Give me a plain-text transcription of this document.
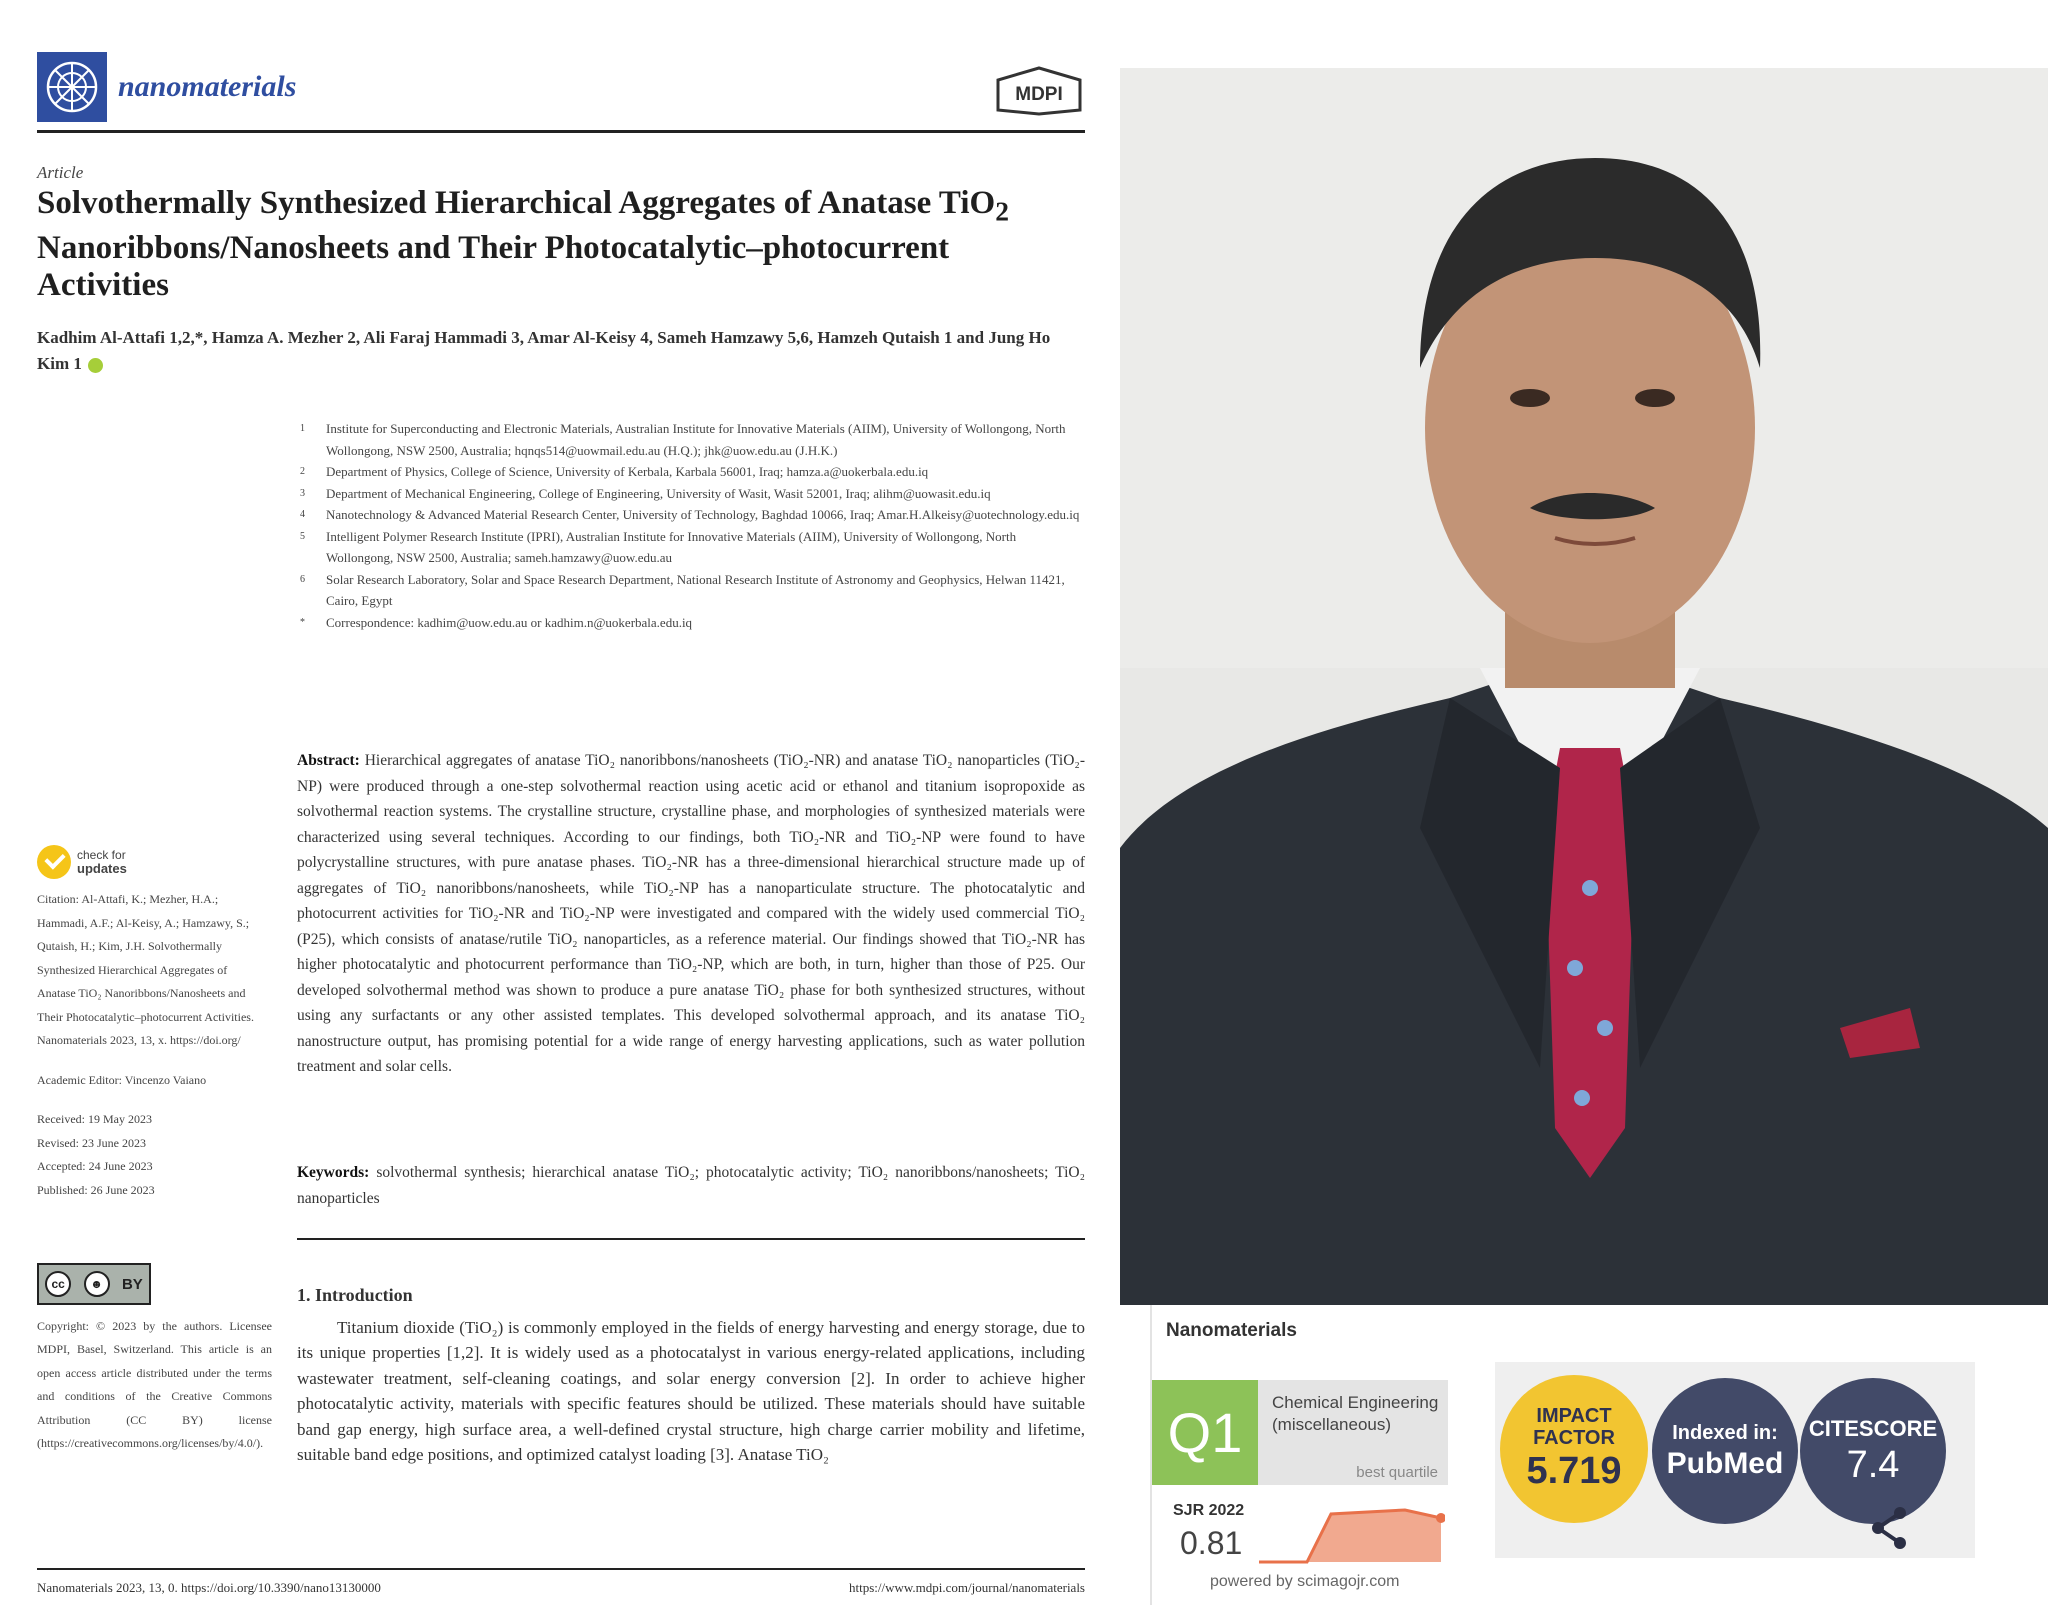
nanomaterials	MDPI
Article
Solvothermally Synthesized Hierarchical Aggregates of Anatase TiO$_2$ Nanoribbons/Nanosheets and Their Photocatalytic–photocurrent Activities
Kadhim Al-Attafi 1,2,*, Hamza A. Mezher 2, Ali Faraj Hammadi 3, Amar Al-Keisy 4, Sameh Hamzawy 5,6, Hamzeh Qutaish 1 and Jung Ho Kim 1
1	Institute for Superconducting and Electronic Materials, Australian Institute for Innovative Materials (AIIM), University of Wollongong, North Wollongong, NSW 2500, Australia; hqnqs514@uowmail.edu.au (H.Q.); jhk@uow.edu.au (J.H.K.)
2	Department of Physics, College of Science, University of Kerbala, Karbala 56001, Iraq; hamza.a@uokerbala.edu.iq
3	Department of Mechanical Engineering, College of Engineering, University of Wasit, Wasit 52001, Iraq; alihm@uowasit.edu.iq
4	Nanotechnology & Advanced Material Research Center, University of Technology, Baghdad 10066, Iraq; Amar.H.Alkeisy@uotechnology.edu.iq
5	Intelligent Polymer Research Institute (IPRI), Australian Institute for Innovative Materials (AIIM), University of Wollongong, North Wollongong, NSW 2500, Australia; sameh.hamzawy@uow.edu.au
6	Solar Research Laboratory, Solar and Space Research Department, National Research Institute of Astronomy and Geophysics, Helwan 11421, Cairo, Egypt
*	Correspondence: kadhim@uow.edu.au or kadhim.n@uokerbala.edu.iq
Abstract: Hierarchical aggregates of anatase TiO₂ nanoribbons/nanosheets (TiO₂-NR) and anatase TiO₂ nanoparticles (TiO₂-NP) were produced through a one-step solvothermal reaction using acetic acid or ethanol and titanium isopropoxide as solvothermal reaction systems. The crystalline structure, crystalline phase, and morphologies of synthesized materials were characterized using several techniques. According to our findings, both TiO₂-NR and TiO₂-NP were found to have polycrystalline structures, with pure anatase phases. TiO₂-NR has a three-dimensional hierarchical structure made up of aggregates of TiO₂ nanoribbons/nanosheets, while TiO₂-NP has a nanoparticulate structure. The photocatalytic and photocurrent activities for TiO₂-NR and TiO₂-NP were investigated and compared with the widely used commercial TiO₂ (P25), which consists of anatase/rutile TiO₂ nanoparticles, as a reference material. Our findings showed that TiO₂-NR has higher photocatalytic and photocurrent performance than TiO₂-NP, which are both, in turn, higher than those of P25. Our developed solvothermal method was shown to produce a pure anatase TiO₂ phase for both synthesized structures, without using any surfactants or any other assisted templates. This developed solvothermal approach, and its anatase TiO₂ nanostructure output, has promising potential for a wide range of energy harvesting applications, such as water pollution treatment and solar cells.
Keywords: solvothermal synthesis; hierarchical anatase TiO₂; photocatalytic activity; TiO₂ nanoribbons/nanosheets; TiO₂ nanoparticles
1. Introduction
Titanium dioxide (TiO₂) is commonly employed in the fields of energy harvesting and energy storage, due to its unique properties [1,2]. It is widely used as a photocatalyst in various energy-related applications, including wastewater treatment, self-cleaning coatings, and solar energy conversion [2]. In order to achieve higher photocatalytic activity, materials with specific features should be utilized. These materials should have suitable band gap energy, high surface area, a well-defined crystal structure, high charge carrier mobility and lifetime, suitable band edge positions, and optimized catalyst loading [3]. Anatase TiO₂
check for
updates

Citation: Al-Attafi, K.; Mezher, H.A.; Hammadi, A.F.; Al-Keisy, A.; Hamzawy, S.; Qutaish, H.; Kim, J.H. Solvothermally Synthesized Hierarchical Aggregates of Anatase TiO₂ Nanoribbons/Nanosheets and Their Photocatalytic–photocurrent Activities. Nanomaterials 2023, 13, x. https://doi.org/

Academic Editor: Vincenzo Vaiano

Received: 19 May 2023

Revised: 23 June 2023

Accepted: 24 June 2023

Published: 26 June 2023

cc	☻	BY
Copyright: © 2023 by the authors. Licensee MDPI, Basel, Switzerland. This article is an open access article distributed under the terms and conditions of the Creative Commons Attribution (CC BY) license (https://creativecommons.org/licenses/by/4.0/).
Nanomaterials 2023, 13, 0. https://doi.org/10.3390/nano13130000	https://www.mdpi.com/journal/nanomaterials
Nanomaterials
Q1	Chemical Engineering (miscellaneous)
best quartile
SJR 2022
0.81
powered by scimagojr.com
IMPACT
FACTOR
5.719
Indexed in:
PubMed
CITESCORE
7.4
